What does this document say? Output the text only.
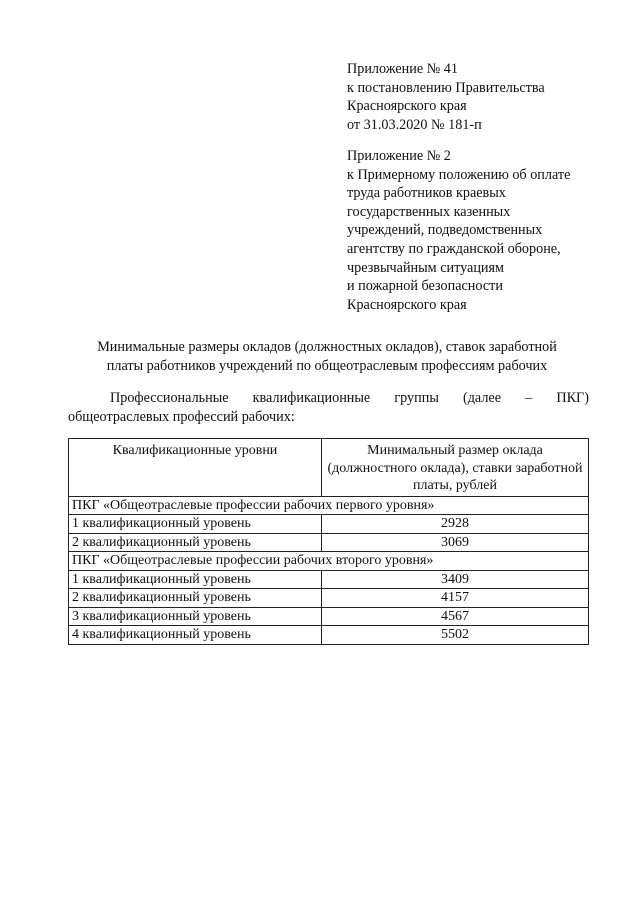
Приложение № 41
к постановлению Правительства
Красноярского края
от 31.03.2020 № 181-п
Приложение № 2
к Примерному положению об оплате
труда работников краевых
государственных казенных
учреждений, подведомственных
агентству по гражданской обороне,
чрезвычайным ситуациям
и пожарной безопасности
Красноярского края
Минимальные размеры окладов (должностных окладов), ставок заработной
платы работников учреждений по общеотраслевым профессиям рабочих
Профессиональные квалификационные группы (далее – ПКГ)
общеотраслевых профессий рабочих:
Квалификационные уровни	Минимальный размер оклада (должностного оклада), ставки заработной платы, рублей
ПКГ «Общеотраслевые профессии рабочих первого уровня»	
1 квалификационный уровень	2928
2 квалификационный уровень	3069
ПКГ «Общеотраслевые профессии рабочих второго уровня»	
1 квалификационный уровень	3409
2 квалификационный уровень	4157
3 квалификационный уровень	4567
4 квалификационный уровень	5502
